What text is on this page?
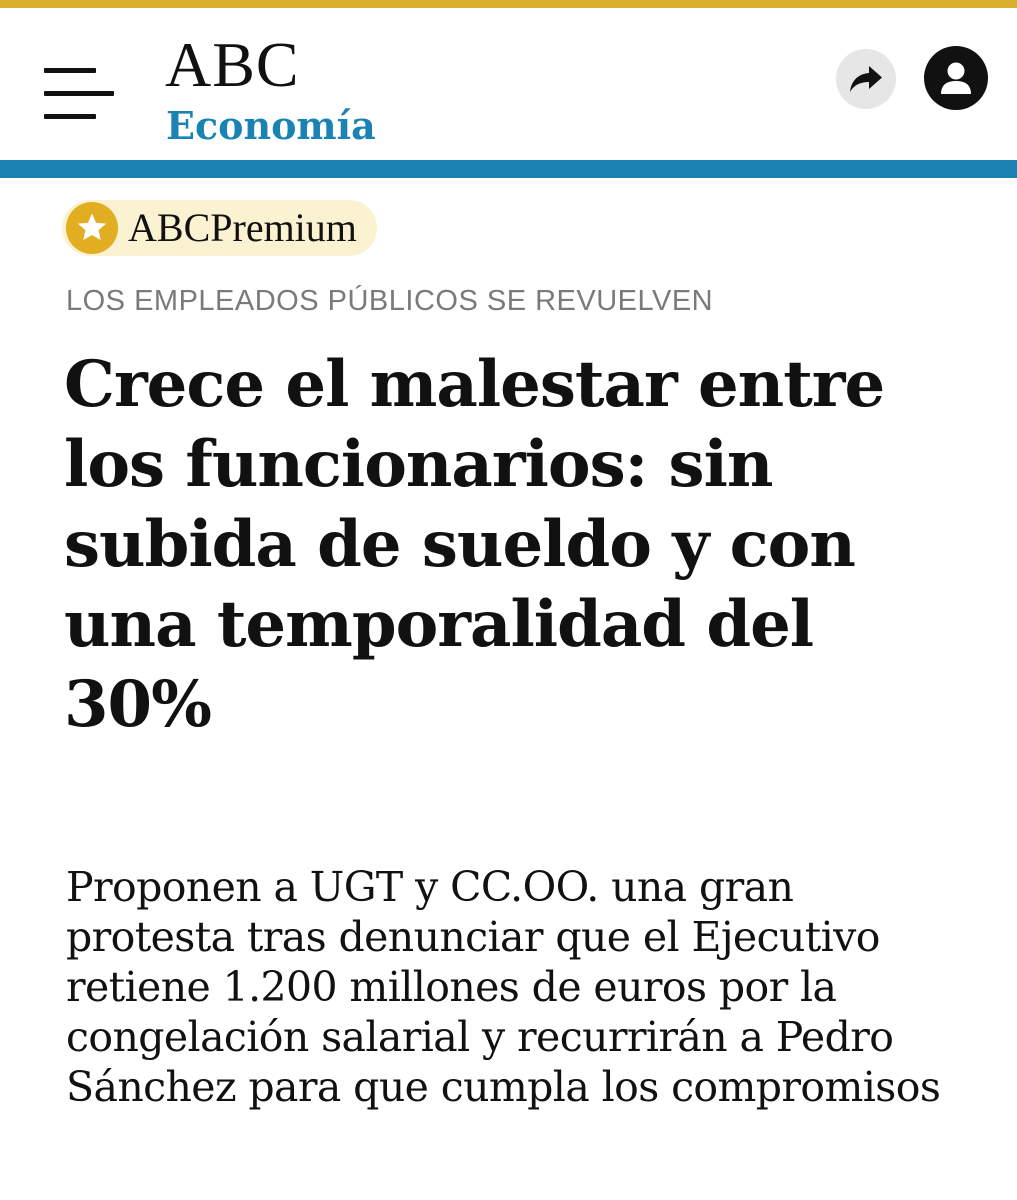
ABC
Economía
ABCPremium
LOS EMPLEADOS PÚBLICOS SE REVUELVEN
Crece el malestar entre los funcionarios: sin subida de sueldo y con una temporalidad del 30%

Proponen a UGT y CC.OO. una gran protesta tras denunciar que el Ejecutivo retiene 1.200 millones de euros por la congelación salarial y recurrirán a Pedro Sánchez para que cumpla los compromisos
